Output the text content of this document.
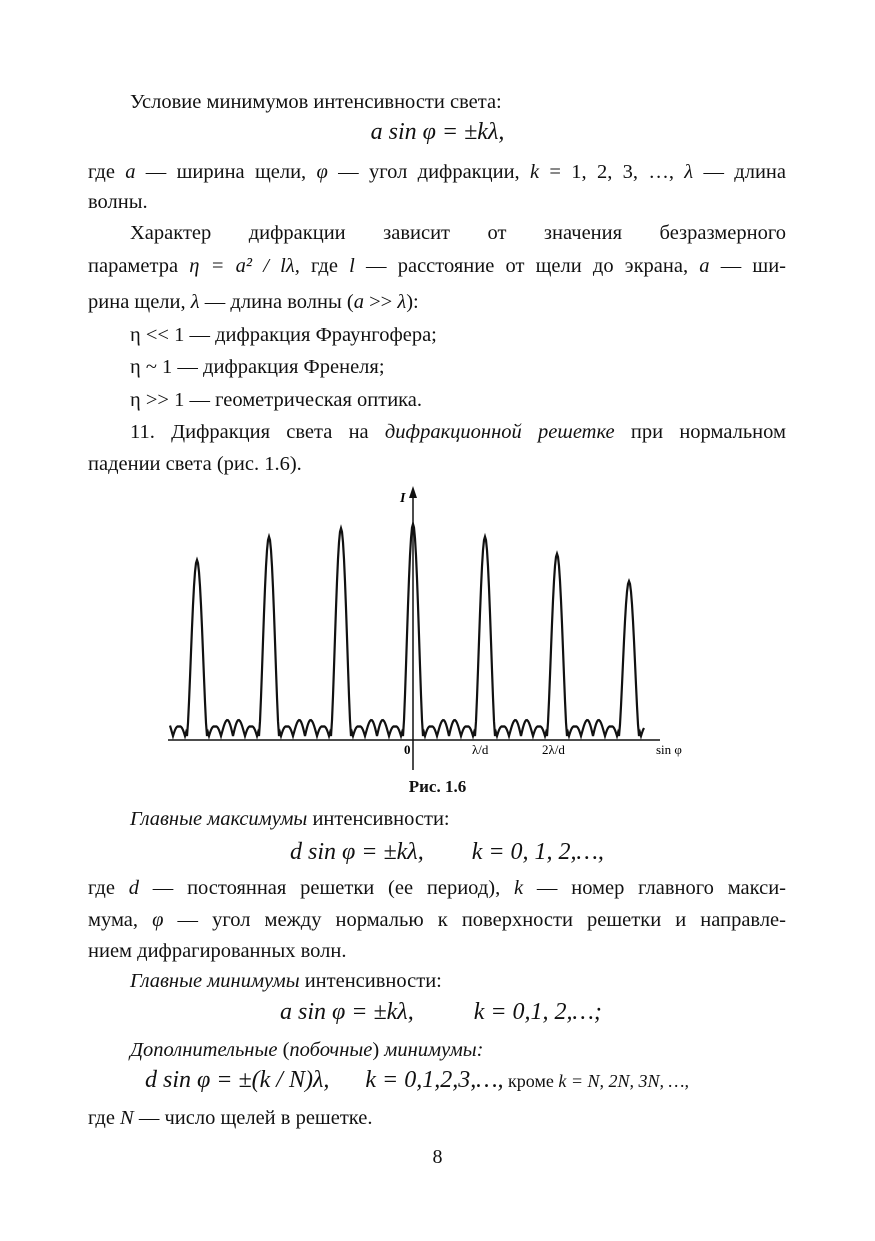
Условие минимумов интенсивности света:
a sin φ = ±kλ,
где a — ширина щели, φ — угол дифракции, k = 1, 2, 3, …, λ — длина
волны.
Характер дифракции зависит от значения безразмерного
параметра η = a² / lλ, где l — расстояние от щели до экрана, a — ши-
рина щели, λ — длина волны (a >> λ):
η << 1 — дифракция Фраунгофера;
η ~ 1 — дифракция Френеля;
η >> 1 — геометрическая оптика.
11. Дифракция света на дифракционной решетке при нормальном
падении света (рис. 1.6).
I
sin φ
0	λ/d	2λ/d
Рис. 1.6
Главные максимумы интенсивности:
d sin φ = ±kλ, k = 0, 1, 2,…,
где d — постоянная решетки (ее период), k — номер главного макси-
мума, φ — угол между нормалью к поверхности решетки и направле-
нием дифрагированных волн.
Главные минимумы интенсивности:
a sin φ = ±kλ,	k = 0,1, 2,…;
Дополнительные (побочные) минимумы:
d sin φ = ±(k / N)λ, k = 0,1,2,3,…, кроме k = N, 2N, 3N, …,
где N — число щелей в решетке.
8
